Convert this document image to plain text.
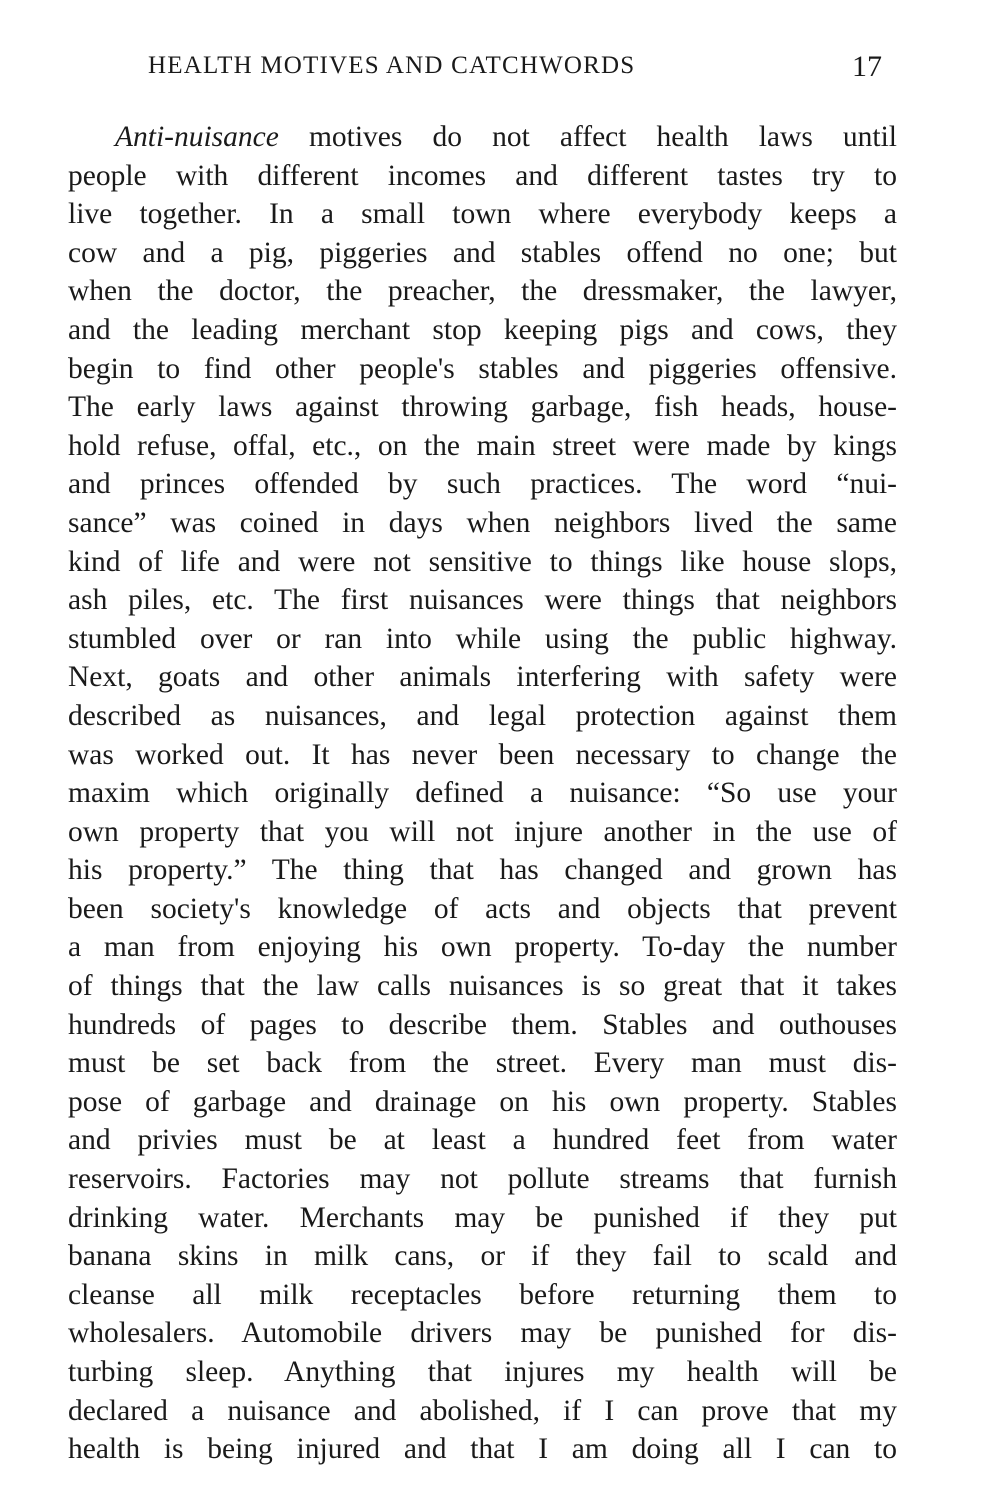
HEALTH MOTIVES AND CATCHWORDS	17
Anti-nuisance motives do not affect health laws until
people with different incomes and different tastes try to
live together. In a small town where everybody keeps a
cow and a pig, piggeries and stables offend no one; but
when the doctor, the preacher, the dressmaker, the lawyer,
and the leading merchant stop keeping pigs and cows, they
begin to find other people's stables and piggeries offensive.
The early laws against throwing garbage, fish heads, house-
hold refuse, offal, etc., on the main street were made by kings
and princes offended by such practices. The word “nui-
sance” was coined in days when neighbors lived the same
kind of life and were not sensitive to things like house slops,
ash piles, etc. The first nuisances were things that neighbors
stumbled over or ran into while using the public highway.
Next, goats and other animals interfering with safety were
described as nuisances, and legal protection against them
was worked out. It has never been necessary to change the
maxim which originally defined a nuisance: “So use your
own property that you will not injure another in the use of
his property.” The thing that has changed and grown has
been society's knowledge of acts and objects that prevent
a man from enjoying his own property. To-day the number
of things that the law calls nuisances is so great that it takes
hundreds of pages to describe them. Stables and outhouses
must be set back from the street. Every man must dis-
pose of garbage and drainage on his own property. Stables
and privies must be at least a hundred feet from water
reservoirs. Factories may not pollute streams that furnish
drinking water. Merchants may be punished if they put
banana skins in milk cans, or if they fail to scald and
cleanse all milk receptacles before returning them to
wholesalers. Automobile drivers may be punished for dis-
turbing sleep. Anything that injures my health will be
declared a nuisance and abolished, if I can prove that my
health is being injured and that I am doing all I can to
